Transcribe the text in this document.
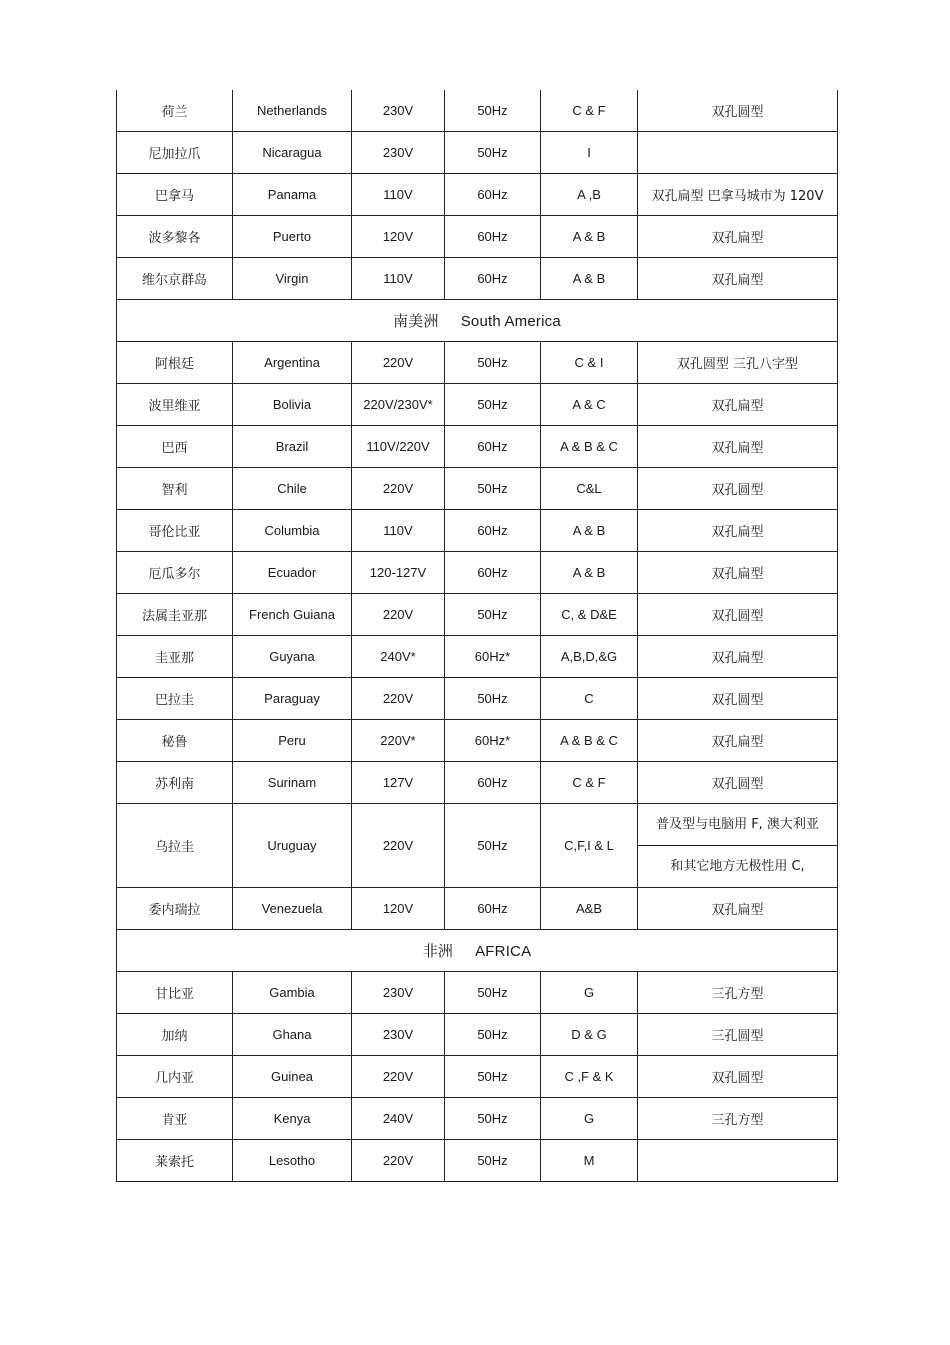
荷兰	Netherlands	230V	50Hz	C & F	双孔圆型
尼加拉爪	Nicaragua	230V	50Hz	I	
巴拿马	Panama	110V	60Hz	A ,B	双孔扁型 巴拿马城市为 120V
波多黎各	Puerto	120V	60Hz	A & B	双孔扁型
维尔京群岛	Virgin	110V	60Hz	A & B	双孔扁型
南美洲 South America					
阿根廷	Argentina	220V	50Hz	C & I	双孔圆型 三孔八字型
波里维亚	Bolivia	220V/230V*	50Hz	A & C	双孔扁型
巴西	Brazil	110V/220V	60Hz	A & B & C	双孔扁型
智利	Chile	220V	50Hz	C&L	双孔圆型
哥伦比亚	Columbia	110V	60Hz	A & B	双孔扁型
厄瓜多尔	Ecuador	120-127V	60Hz	A & B	双孔扁型
法属圭亚那	French Guiana	220V	50Hz	C, & D&E	双孔圆型
圭亚那	Guyana	240V*	60Hz*	A,B,D,&G	双孔扁型
巴拉圭	Paraguay	220V	50Hz	C	双孔圆型
秘鲁	Peru	220V*	60Hz*	A & B & C	双孔扁型
苏利南	Surinam	127V	60Hz	C & F	双孔圆型
乌拉圭	Uruguay	220V	50Hz	C,F,I & L	普及型与电脑用 F, 澳大利亚
和其它地方无极性用 C,

委内瑞拉	Venezuela	120V	60Hz	A&B	双孔扁型
非洲 AFRICA					
甘比亚	Gambia	230V	50Hz	G	三孔方型
加纳	Ghana	230V	50Hz	D & G	三孔圆型
几内亚	Guinea	220V	50Hz	C ,F & K	双孔圆型
肯亚	Kenya	240V	50Hz	G	三孔方型
莱索托	Lesotho	220V	50Hz	M	
